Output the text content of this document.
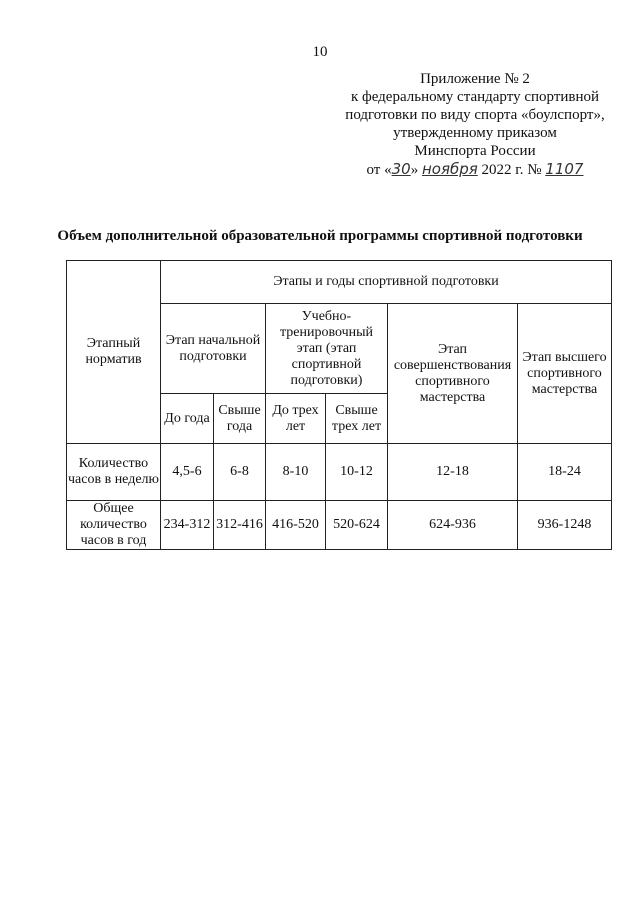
10
Приложение № 2
к федеральному стандарту спортивной
подготовки по виду спорта «боулспорт»,
утвержденному приказом
Минспорта России
от «30» ноября 2022 г. № 1107
Объем дополнительной образовательной программы спортивной подготовки
Этапный норматив	Этапы и годы спортивной подготовки					
	Этап начальной подготовки		Учебно-тренировочный этап (этап спортивной подготовки)		Этап совершенствования спортивного мастерства	Этап высшего спортивного мастерства
	До года	Свыше года	До трех лет	Свыше трех лет		
Количество часов в неделю	4,5-6	6-8	8-10	10-12	12-18	18-24
Общее количество часов в год	234-312	312-416	416-520	520-624	624-936	936-1248
